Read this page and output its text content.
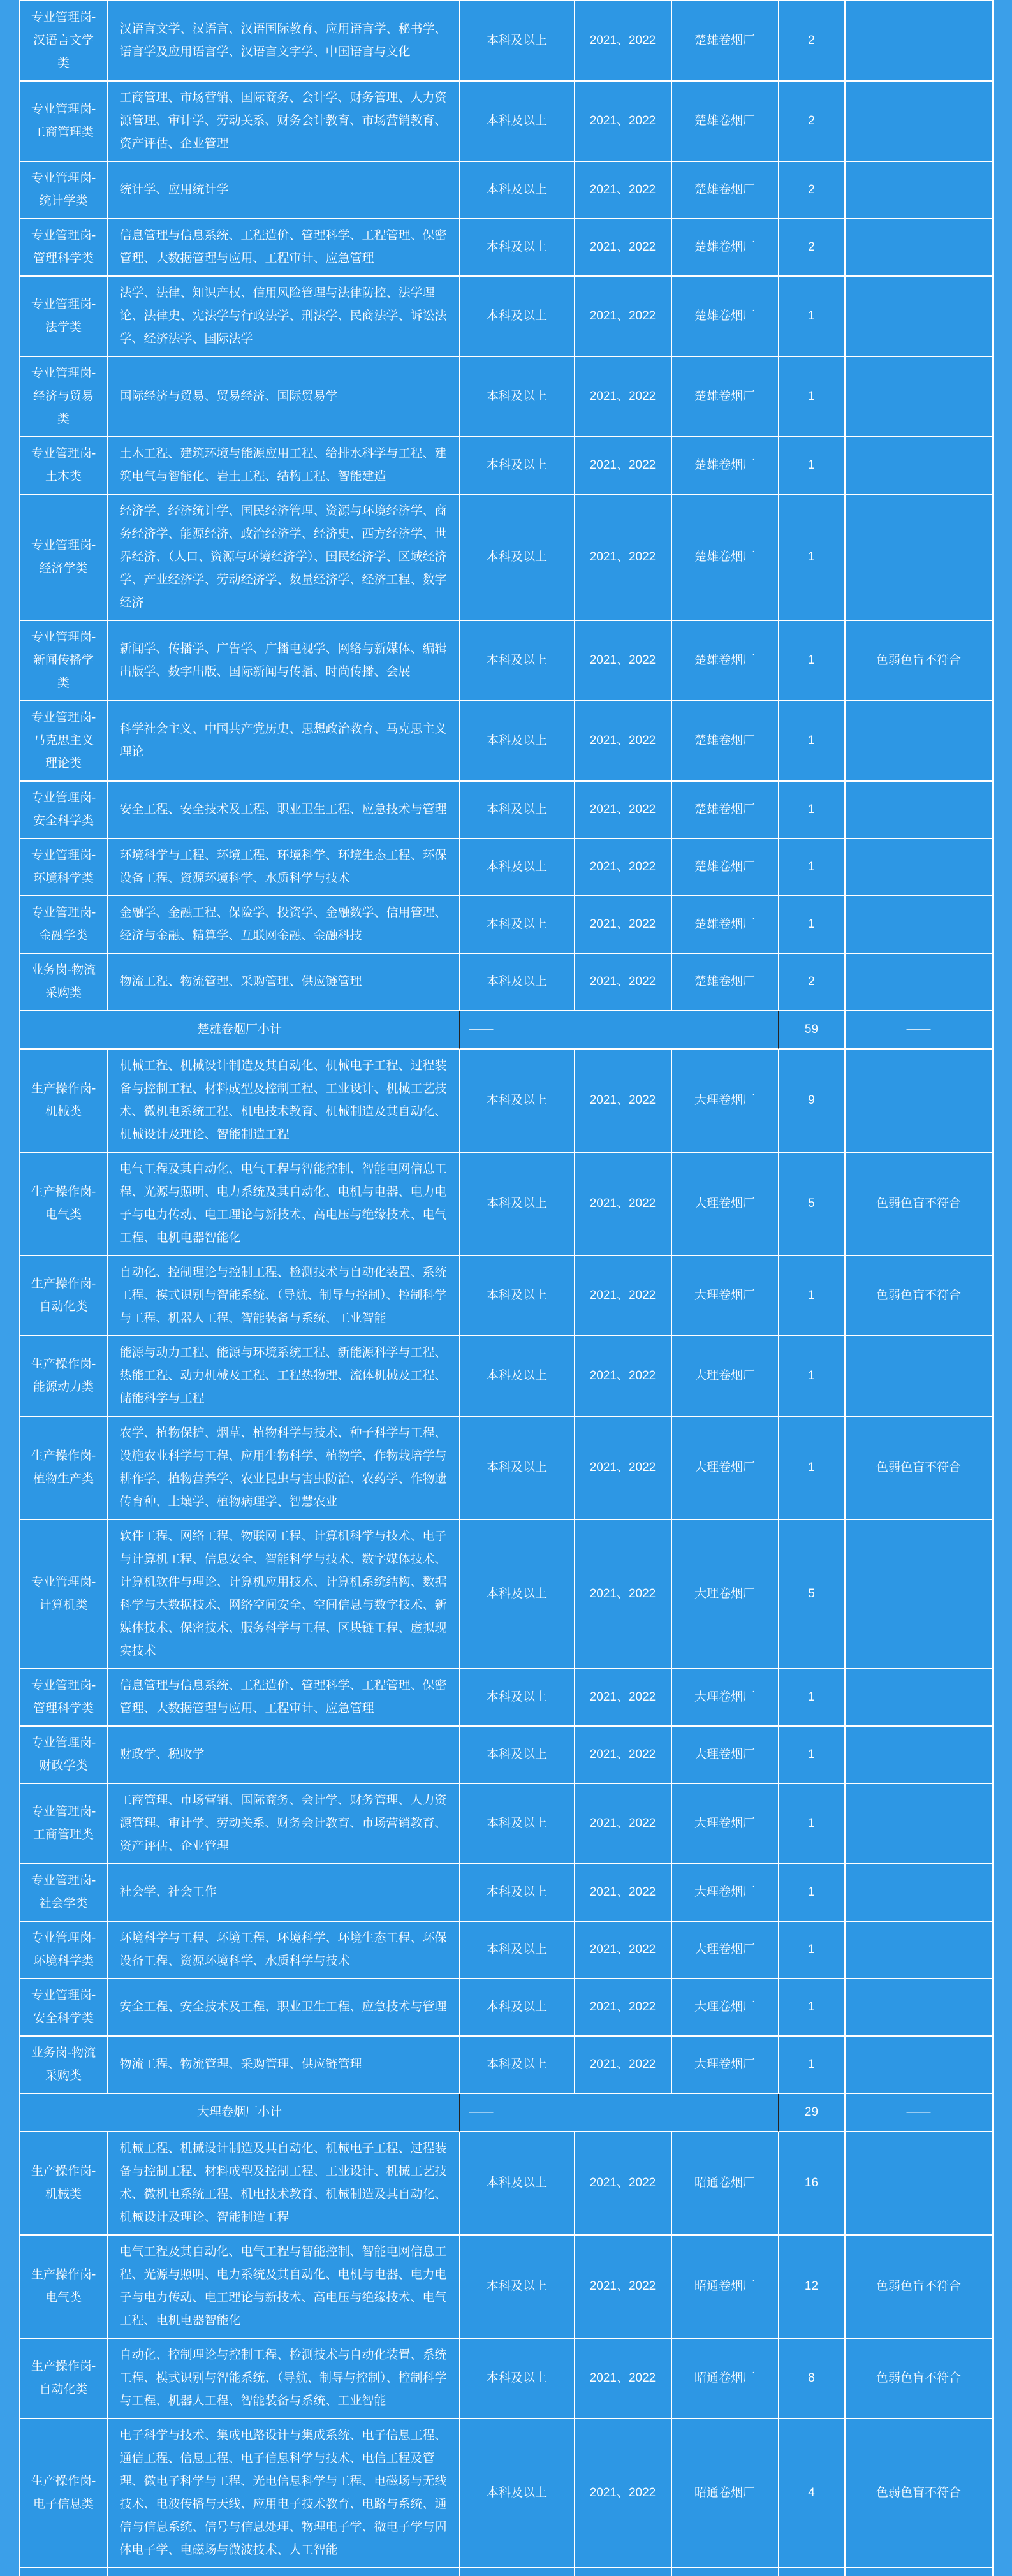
专业管理岗-汉语言文学类	汉语言文学、汉语言、汉语国际教育、应用语言学、秘书学、语言学及应用语言学、汉语言文字学、中国语言与文化	本科及以上	2021、2022	楚雄卷烟厂	2	
专业管理岗-工商管理类	工商管理、市场营销、国际商务、会计学、财务管理、人力资源管理、审计学、劳动关系、财务会计教育、市场营销教育、资产评估、企业管理	本科及以上	2021、2022	楚雄卷烟厂	2	
专业管理岗-统计学类	统计学、应用统计学	本科及以上	2021、2022	楚雄卷烟厂	2	
专业管理岗-管理科学类	信息管理与信息系统、工程造价、管理科学、工程管理、保密管理、大数据管理与应用、工程审计、应急管理	本科及以上	2021、2022	楚雄卷烟厂	2	
专业管理岗-法学类	法学、法律、知识产权、信用风险管理与法律防控、法学理论、法律史、宪法学与行政法学、刑法学、民商法学、诉讼法学、经济法学、国际法学	本科及以上	2021、2022	楚雄卷烟厂	1	
专业管理岗-经济与贸易类	国际经济与贸易、贸易经济、国际贸易学	本科及以上	2021、2022	楚雄卷烟厂	1	
专业管理岗-土木类	土木工程、建筑环境与能源应用工程、给排水科学与工程、建筑电气与智能化、岩土工程、结构工程、智能建造	本科及以上	2021、2022	楚雄卷烟厂	1	
专业管理岗-经济学类	经济学、经济统计学、国民经济管理、资源与环境经济学、商务经济学、能源经济、政治经济学、经济史、西方经济学、世界经济、（人口、资源与环境经济学）、国民经济学、区域经济学、产业经济学、劳动经济学、数量经济学、经济工程、数字经济	本科及以上	2021、2022	楚雄卷烟厂	1	
专业管理岗-新闻传播学类	新闻学、传播学、广告学、广播电视学、网络与新媒体、编辑出版学、数字出版、国际新闻与传播、时尚传播、会展	本科及以上	2021、2022	楚雄卷烟厂	1	色弱色盲不符合
专业管理岗-马克思主义理论类	科学社会主义、中国共产党历史、思想政治教育、马克思主义理论	本科及以上	2021、2022	楚雄卷烟厂	1	
专业管理岗-安全科学类	安全工程、安全技术及工程、职业卫生工程、应急技术与管理	本科及以上	2021、2022	楚雄卷烟厂	1	
专业管理岗-环境科学类	环境科学与工程、环境工程、环境科学、环境生态工程、环保设备工程、资源环境科学、水质科学与技术	本科及以上	2021、2022	楚雄卷烟厂	1	
专业管理岗-金融学类	金融学、金融工程、保险学、投资学、金融数学、信用管理、经济与金融、精算学、互联网金融、金融科技	本科及以上	2021、2022	楚雄卷烟厂	1	
业务岗-物流采购类	物流工程、物流管理、采购管理、供应链管理	本科及以上	2021、2022	楚雄卷烟厂	2	
楚雄卷烟厂小计		——			59	——
生产操作岗-机械类	机械工程、机械设计制造及其自动化、机械电子工程、过程装备与控制工程、材料成型及控制工程、工业设计、机械工艺技术、微机电系统工程、机电技术教育、机械制造及其自动化、机械设计及理论、智能制造工程	本科及以上	2021、2022	大理卷烟厂	9	
生产操作岗-电气类	电气工程及其自动化、电气工程与智能控制、智能电网信息工程、光源与照明、电力系统及其自动化、电机与电器、电力电子与电力传动、电工理论与新技术、高电压与绝缘技术、电气工程、电机电器智能化	本科及以上	2021、2022	大理卷烟厂	5	色弱色盲不符合
生产操作岗-自动化类	自动化、控制理论与控制工程、检测技术与自动化装置、系统工程、模式识别与智能系统、（导航、制导与控制）、控制科学与工程、机器人工程、智能装备与系统、工业智能	本科及以上	2021、2022	大理卷烟厂	1	色弱色盲不符合
生产操作岗-能源动力类	能源与动力工程、能源与环境系统工程、新能源科学与工程、热能工程、动力机械及工程、工程热物理、流体机械及工程、储能科学与工程	本科及以上	2021、2022	大理卷烟厂	1	
生产操作岗-植物生产类	农学、植物保护、烟草、植物科学与技术、种子科学与工程、设施农业科学与工程、应用生物科学、植物学、作物栽培学与耕作学、植物营养学、农业昆虫与害虫防治、农药学、作物遗传育种、土壤学、植物病理学、智慧农业	本科及以上	2021、2022	大理卷烟厂	1	色弱色盲不符合
专业管理岗-计算机类	软件工程、网络工程、物联网工程、计算机科学与技术、电子与计算机工程、信息安全、智能科学与技术、数字媒体技术、计算机软件与理论、计算机应用技术、计算机系统结构、数据科学与大数据技术、网络空间安全、空间信息与数字技术、新媒体技术、保密技术、服务科学与工程、区块链工程、虚拟现实技术	本科及以上	2021、2022	大理卷烟厂	5	
专业管理岗-管理科学类	信息管理与信息系统、工程造价、管理科学、工程管理、保密管理、大数据管理与应用、工程审计、应急管理	本科及以上	2021、2022	大理卷烟厂	1	
专业管理岗-财政学类	财政学、税收学	本科及以上	2021、2022	大理卷烟厂	1	
专业管理岗-工商管理类	工商管理、市场营销、国际商务、会计学、财务管理、人力资源管理、审计学、劳动关系、财务会计教育、市场营销教育、资产评估、企业管理	本科及以上	2021、2022	大理卷烟厂	1	
专业管理岗-社会学类	社会学、社会工作	本科及以上	2021、2022	大理卷烟厂	1	
专业管理岗-环境科学类	环境科学与工程、环境工程、环境科学、环境生态工程、环保设备工程、资源环境科学、水质科学与技术	本科及以上	2021、2022	大理卷烟厂	1	
专业管理岗-安全科学类	安全工程、安全技术及工程、职业卫生工程、应急技术与管理	本科及以上	2021、2022	大理卷烟厂	1	
业务岗-物流采购类	物流工程、物流管理、采购管理、供应链管理	本科及以上	2021、2022	大理卷烟厂	1	
大理卷烟厂小计		——			29	——
生产操作岗-机械类	机械工程、机械设计制造及其自动化、机械电子工程、过程装备与控制工程、材料成型及控制工程、工业设计、机械工艺技术、微机电系统工程、机电技术教育、机械制造及其自动化、机械设计及理论、智能制造工程	本科及以上	2021、2022	昭通卷烟厂	16	
生产操作岗-电气类	电气工程及其自动化、电气工程与智能控制、智能电网信息工程、光源与照明、电力系统及其自动化、电机与电器、电力电子与电力传动、电工理论与新技术、高电压与绝缘技术、电气工程、电机电器智能化	本科及以上	2021、2022	昭通卷烟厂	12	色弱色盲不符合
生产操作岗-自动化类	自动化、控制理论与控制工程、检测技术与自动化装置、系统工程、模式识别与智能系统、（导航、制导与控制）、控制科学与工程、机器人工程、智能装备与系统、工业智能	本科及以上	2021、2022	昭通卷烟厂	8	色弱色盲不符合
生产操作岗-电子信息类	电子科学与技术、集成电路设计与集成系统、电子信息工程、通信工程、信息工程、电子信息科学与技术、电信工程及管理、微电子科学与工程、光电信息科学与工程、电磁场与无线技术、电波传播与天线、应用电子技术教育、电路与系统、通信与信息系统、信号与信息处理、物理电子学、微电子学与固体电子学、电磁场与微波技术、人工智能	本科及以上	2021、2022	昭通卷烟厂	4	色弱色盲不符合
